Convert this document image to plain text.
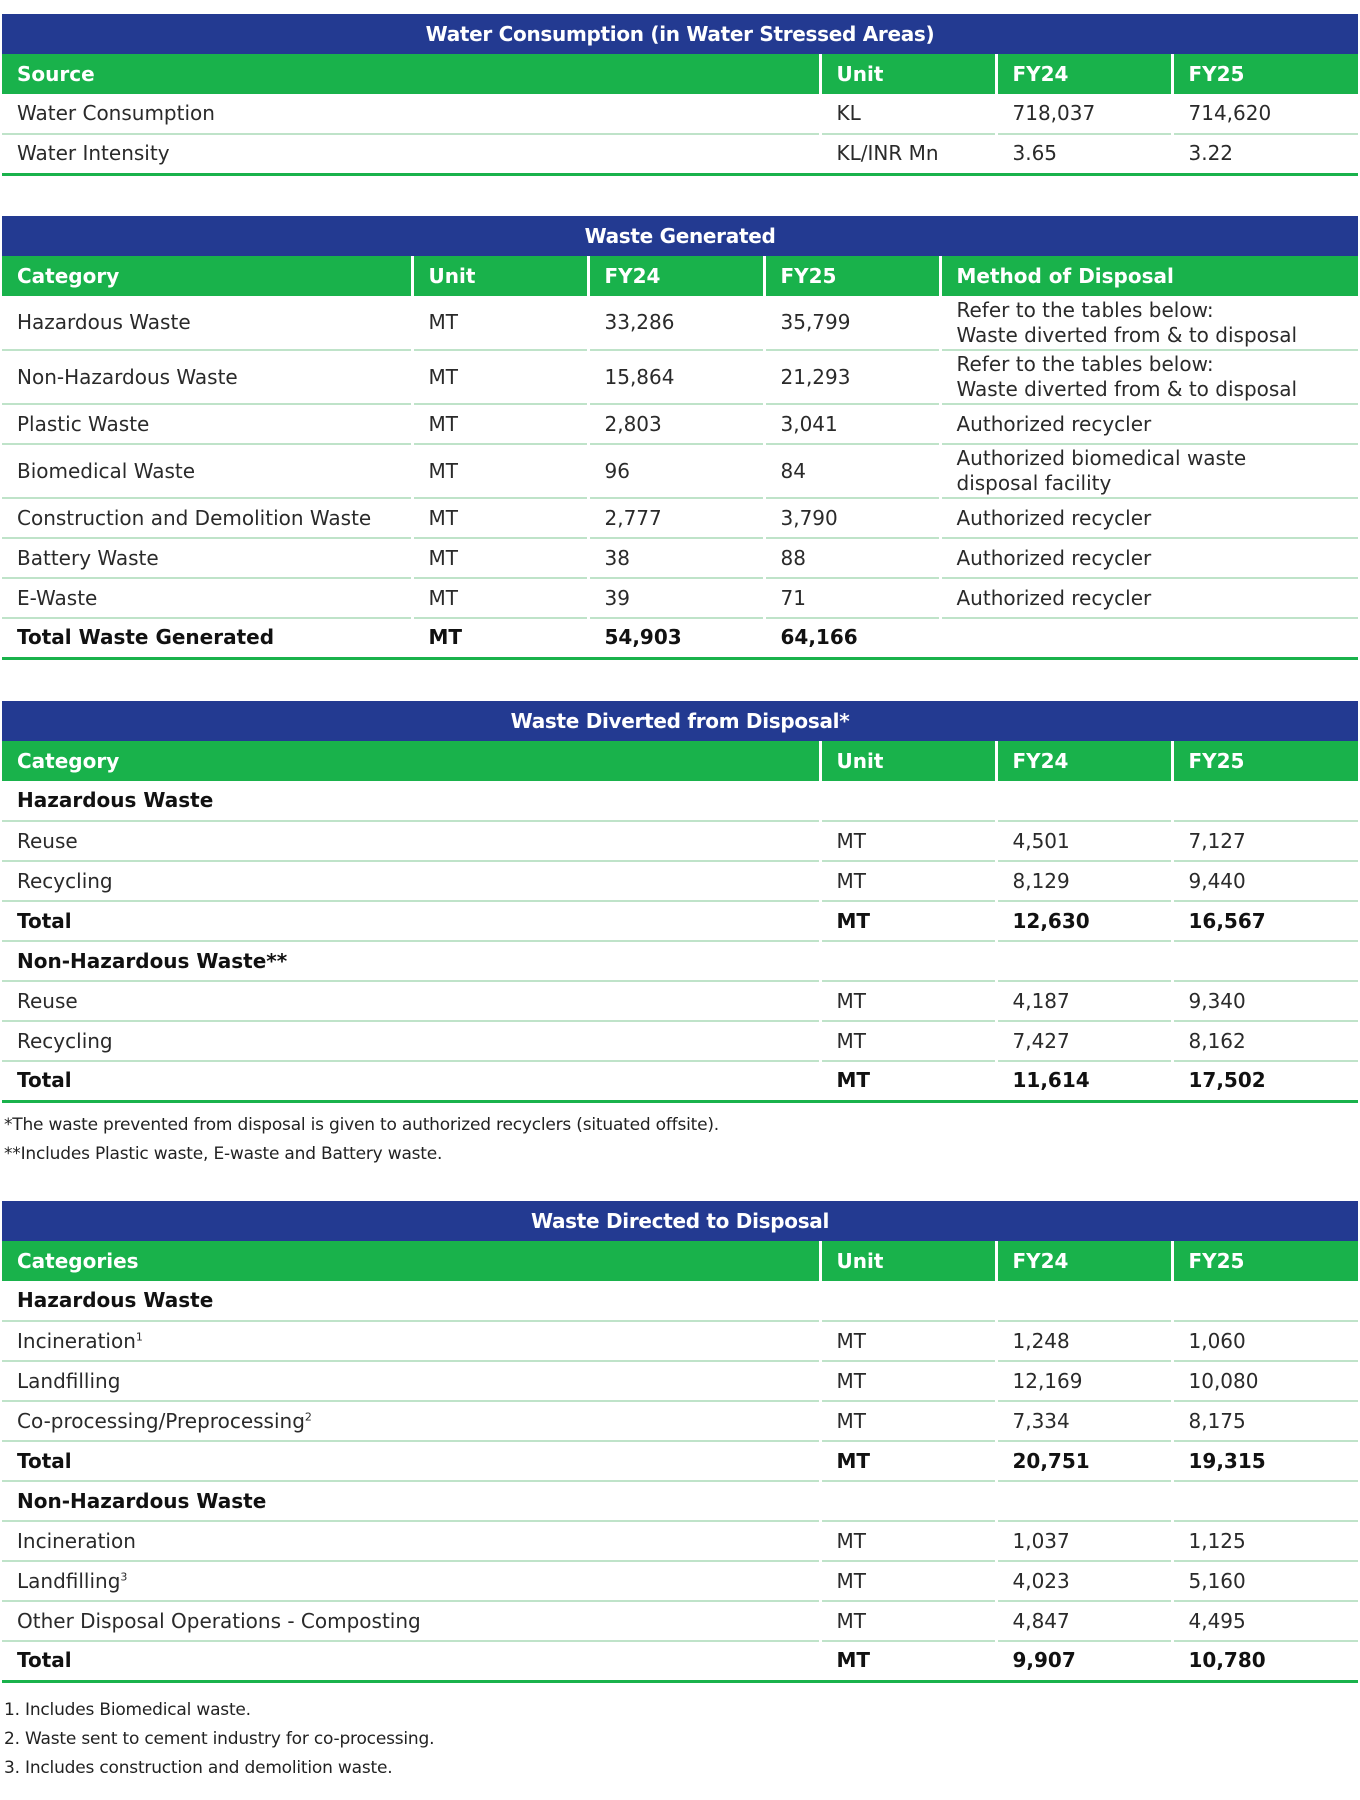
Water Consumption (in Water Stressed Areas)			
Source	Unit	FY24	FY25
Water Consumption	KL	718,037	714,620
Water Intensity	KL/INR Mn	3.65	3.22
Waste Generated				
Category	Unit	FY24	FY25	Method of Disposal
Hazardous Waste	MT	33,286	35,799	Refer to the tables below:
Waste diverted from & to disposal
Non-Hazardous Waste	MT	15,864	21,293	Refer to the tables below:
Waste diverted from & to disposal
Plastic Waste	MT	2,803	3,041	Authorized recycler
Biomedical Waste	MT	96	84	Authorized biomedical waste
disposal facility
Construction and Demolition Waste	MT	2,777	3,790	Authorized recycler
Battery Waste	MT	38	88	Authorized recycler
E-Waste	MT	39	71	Authorized recycler
Total Waste Generated	MT	54,903	64,166	
Waste Diverted from Disposal*			
Category	Unit	FY24	FY25
Hazardous Waste			
Reuse	MT	4,501	7,127
Recycling	MT	8,129	9,440
Total	MT	12,630	16,567
Non-Hazardous Waste**			
Reuse	MT	4,187	9,340
Recycling	MT	7,427	8,162
Total	MT	11,614	17,502
*The waste prevented from disposal is given to authorized recyclers (situated offsite).
**Includes Plastic waste, E-waste and Battery waste.
Waste Directed to Disposal			
Categories	Unit	FY24	FY25
Hazardous Waste			
Incineration$^1$	MT	1,248	1,060
Landfilling	MT	12,169	10,080
Co-processing/Preprocessing$^2$	MT	7,334	8,175
Total	MT	20,751	19,315
Non-Hazardous Waste			
Incineration	MT	1,037	1,125
Landfilling$^3$	MT	4,023	5,160
Other Disposal Operations - Composting	MT	4,847	4,495
Total	MT	9,907	10,780
1. Includes Biomedical waste.
2. Waste sent to cement industry for co-processing.
3. Includes construction and demolition waste.
